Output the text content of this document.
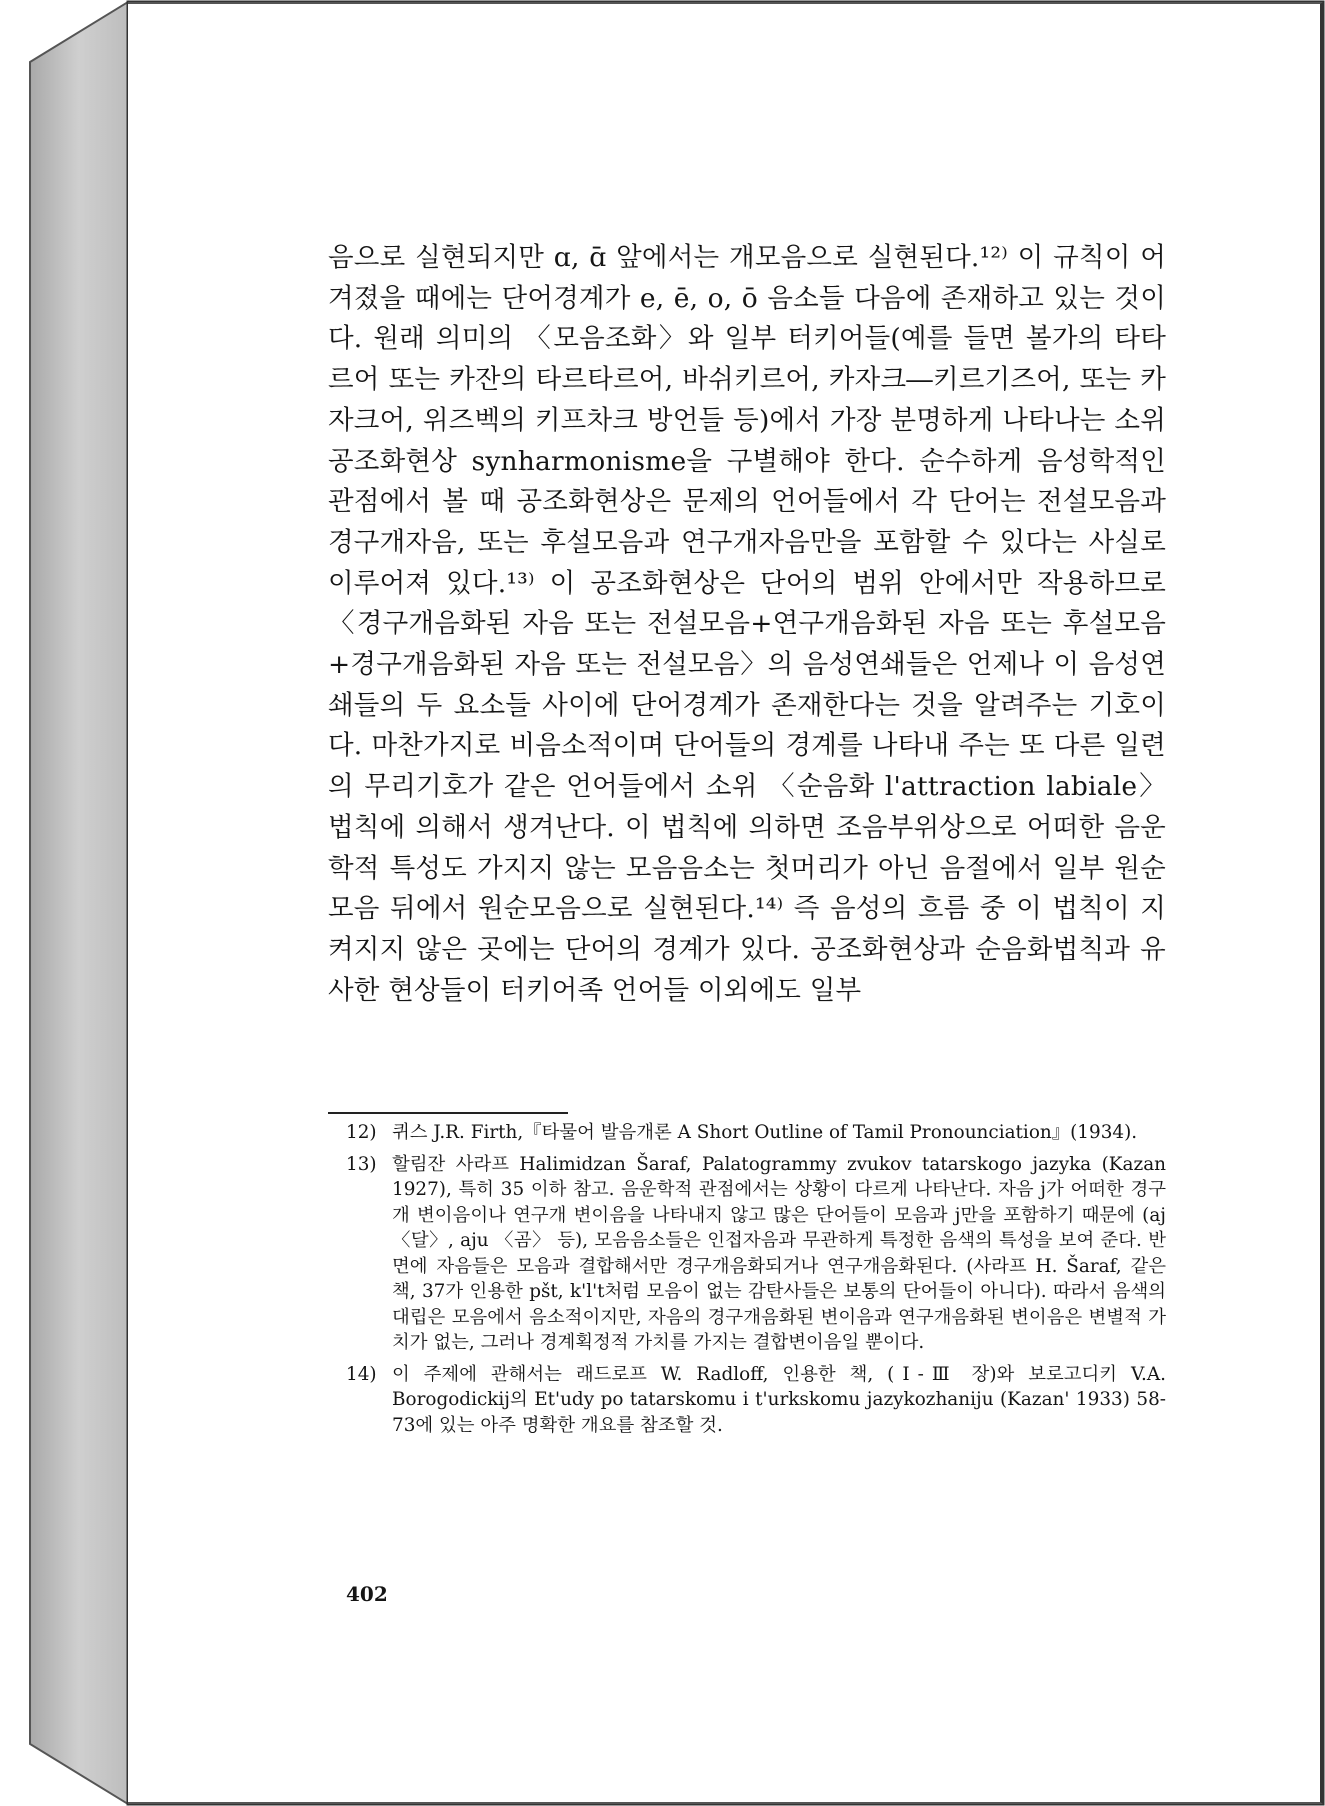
음으로 실현되지만 ɑ, ɑ̄ 앞에서는 개모음으로 실현된다.¹²⁾ 이 규칙이 어겨졌을 때에는 단어경계가 e, ē, o, ō 음소들 다음에 존재하고 있는 것이다. 원래 의미의 〈모음조화〉와 일부 터키어들(예를 들면 볼가의 타타르어 또는 카잔의 타르타르어, 바쉬키르어, 카자크―키르기즈어, 또는 카자크어, 위즈벡의 키프차크 방언들 등)에서 가장 분명하게 나타나는 소위 공조화현상 synharmonisme을 구별해야 한다. 순수하게 음성학적인 관점에서 볼 때 공조화현상은 문제의 언어들에서 각 단어는 전설모음과 경구개자음, 또는 후설모음과 연구개자음만을 포함할 수 있다는 사실로 이루어져 있다.¹³⁾ 이 공조화현상은 단어의 범위 안에서만 작용하므로 〈경구개음화된 자음 또는 전설모음+연구개음화된 자음 또는 후설모음+경구개음화된 자음 또는 전설모음〉의 음성연쇄들은 언제나 이 음성연쇄들의 두 요소들 사이에 단어경계가 존재한다는 것을 알려주는 기호이다. 마찬가지로 비음소적이며 단어들의 경계를 나타내 주는 또 다른 일련의 무리기호가 같은 언어들에서 소위 〈순음화 l'attraction labiale〉 법칙에 의해서 생겨난다. 이 법칙에 의하면 조음부위상으로 어떠한 음운학적 특성도 가지지 않는 모음음소는 첫머리가 아닌 음절에서 일부 원순모음 뒤에서 원순모음으로 실현된다.¹⁴⁾ 즉 음성의 흐름 중 이 법칙이 지켜지지 않은 곳에는 단어의 경계가 있다. 공조화현상과 순음화법칙과 유사한 현상들이 터키어족 언어들 이외에도 일부

12) 퀴스 J.R. Firth,『타물어 발음개론 A Short Outline of Tamil Pronounciation』(1934).
13) 할림잔 사라프 Halimidzan Šaraf, Palatogrammy zvukov tatarskogo jazyka (Kazan 1927), 특히 35 이하 참고. 음운학적 관점에서는 상황이 다르게 나타난다. 자음 j가 어떠한 경구개 변이음이나 연구개 변이음을 나타내지 않고 많은 단어들이 모음과 j만을 포함하기 때문에 (aj 〈달〉, aju 〈곰〉 등), 모음음소들은 인접자음과 무관하게 특정한 음색의 특성을 보여 준다. 반면에 자음들은 모음과 결합해서만 경구개음화되거나 연구개음화된다. (사라프 H. Šaraf, 같은 책, 37가 인용한 pšt, k'l't처럼 모음이 없는 감탄사들은 보통의 단어들이 아니다). 따라서 음색의 대립은 모음에서 음소적이지만, 자음의 경구개음화된 변이음과 연구개음화된 변이음은 변별적 가치가 없는, 그러나 경계획정적 가치를 가지는 결합변이음일 뿐이다.
14) 이 주제에 관해서는 래드로프 W. Radloff, 인용한 책, (Ⅰ-Ⅲ 장)와 보로고디키 V.A. Borogodickij의 Et'udy po tatarskomu i t'urkskomu jazykozhaniju (Kazan' 1933) 58-73에 있는 아주 명확한 개요를 참조할 것.
402
